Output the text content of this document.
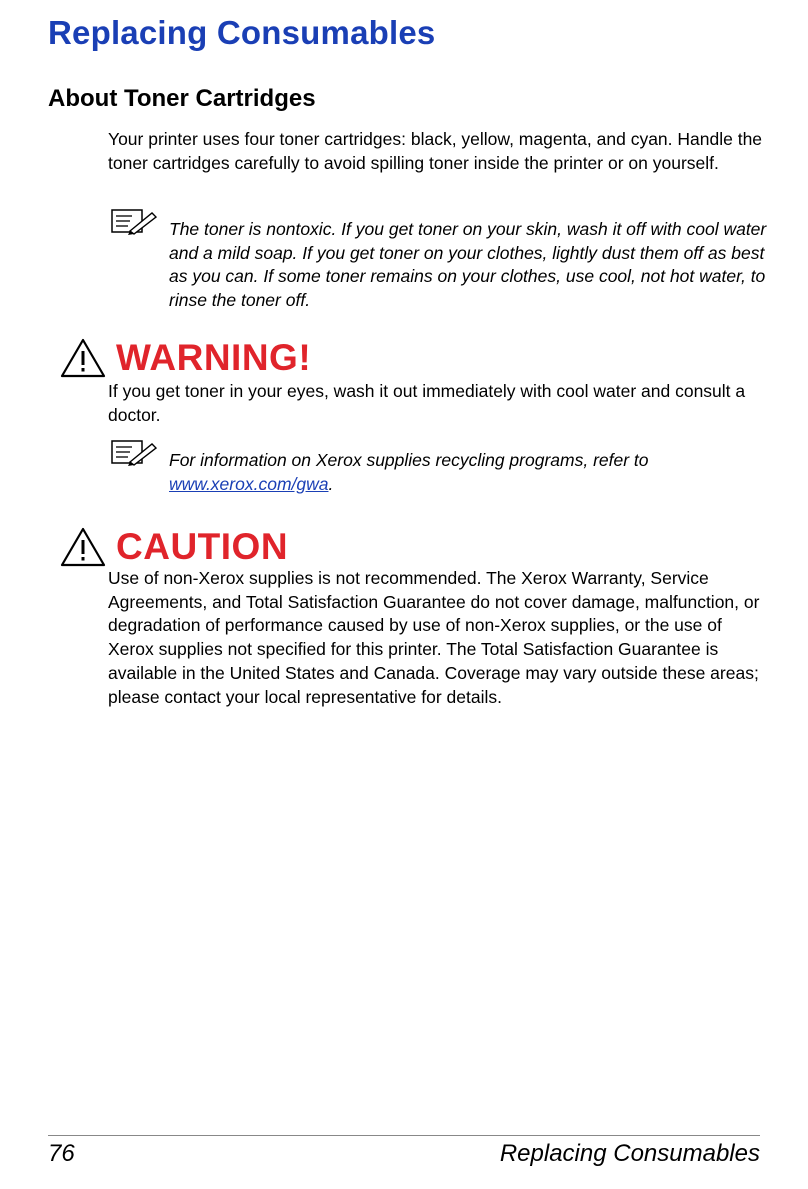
Replacing Consumables
About Toner Cartridges
Your printer uses four toner cartridges: black, yellow, magenta, and cyan. Handle the toner cartridges carefully to avoid spilling toner inside the printer or on yourself.
The toner is nontoxic. If you get toner on your skin, wash it off with cool water and a mild soap. If you get toner on your clothes, lightly dust them off as best as you can. If some toner remains on your clothes, use cool, not hot water, to rinse the toner off.
WARNING!
If you get toner in your eyes, wash it out immediately with cool water and consult a doctor.
For information on Xerox supplies recycling programs, refer to www.xerox.com/gwa.
CAUTION
Use of non-Xerox supplies is not recommended. The Xerox Warranty, Service Agreements, and Total Satisfaction Guarantee do not cover damage, malfunction, or degradation of performance caused by use of non-Xerox supplies, or the use of Xerox supplies not specified for this printer. The Total Satisfaction Guarantee is available in the United States and Canada. Coverage may vary outside these areas; please contact your local representative for details.
76	Replacing Consumables
